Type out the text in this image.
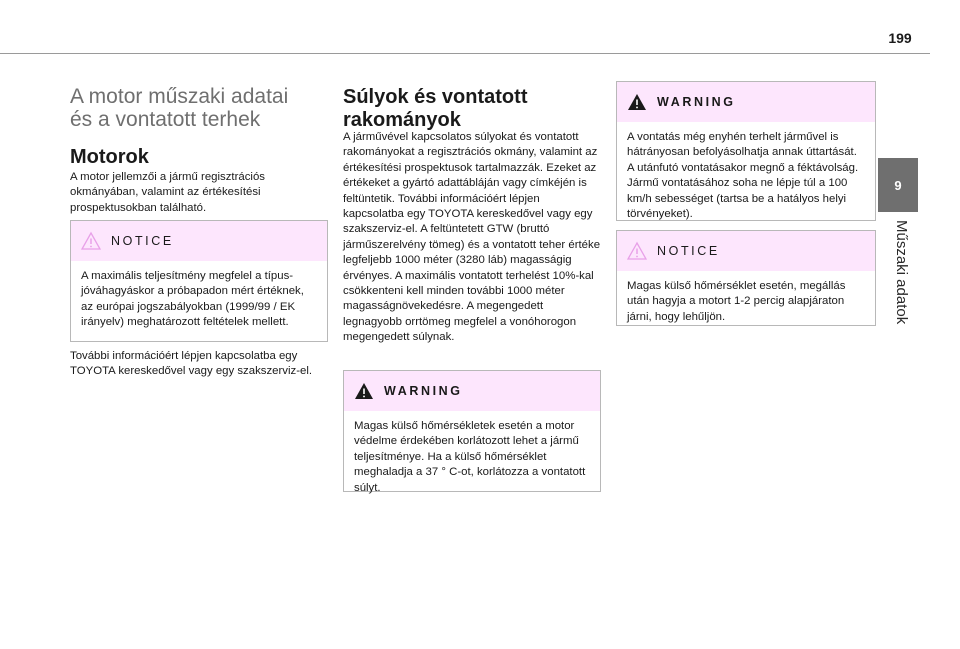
199
9
Műszaki adatok
A motor műszaki adatai
és a vontatott terhek
Motorok

A motor jellemzői a jármű regisztrációs okmányában, valamint az értékesítési prospektusokban található.

NOTICE
A maximális teljesítmény megfelel a típus-jóváhagyáskor a próbapadon mért értéknek, az európai jogszabályokban (1999/99 / EK irányelv) meghatározott feltételek mellett.

További információért lépjen kapcsolatba egy TOYOTA kereskedővel vagy egy szakszerviz-el.

Súlyok és vontatott
rakományok

A járművével kapcsolatos súlyokat és vontatott rakományokat a regisztrációs okmány, valamint az értékesítési prospektusok tartalmazzák. Ezeket az értékeket a gyártó adattábláján vagy címkéjén is feltüntetik. További információért lépjen kapcsolatba egy TOYOTA kereskedővel vagy egy szakszerviz-el. A feltüntetett GTW (bruttó járműszerelvény tömeg) és a vontatott teher értéke legfeljebb 1000 méter (3280 láb) magasságig érvényes. A maximális vontatott terhelést 10%-kal csökkenteni kell minden további 1000 méter magasságnövekedésre. A megengedett legnagyobb orrtömeg megfelel a vonóhorogon megengedett súlynak.

WARNING
Magas külső hőmérsékletek esetén a motor védelme érdekében korlátozott lehet a jármű teljesítménye. Ha a külső hőmérséklet meghaladja a 37 ° C-ot, korlátozza a vontatott súlyt.
WARNING
A vontatás még enyhén terhelt járművel is hátrányosan befolyásolhatja annak úttartását. A utánfutó vontatásakor megnő a féktávolság. Jármű vontatásához soha ne lépje túl a 100 km/h sebességet (tartsa be a hatályos helyi törvényeket).
NOTICE
Magas külső hőmérséklet esetén, megállás után hagyja a motort 1-2 percig alapjáraton járni, hogy lehűljön.
